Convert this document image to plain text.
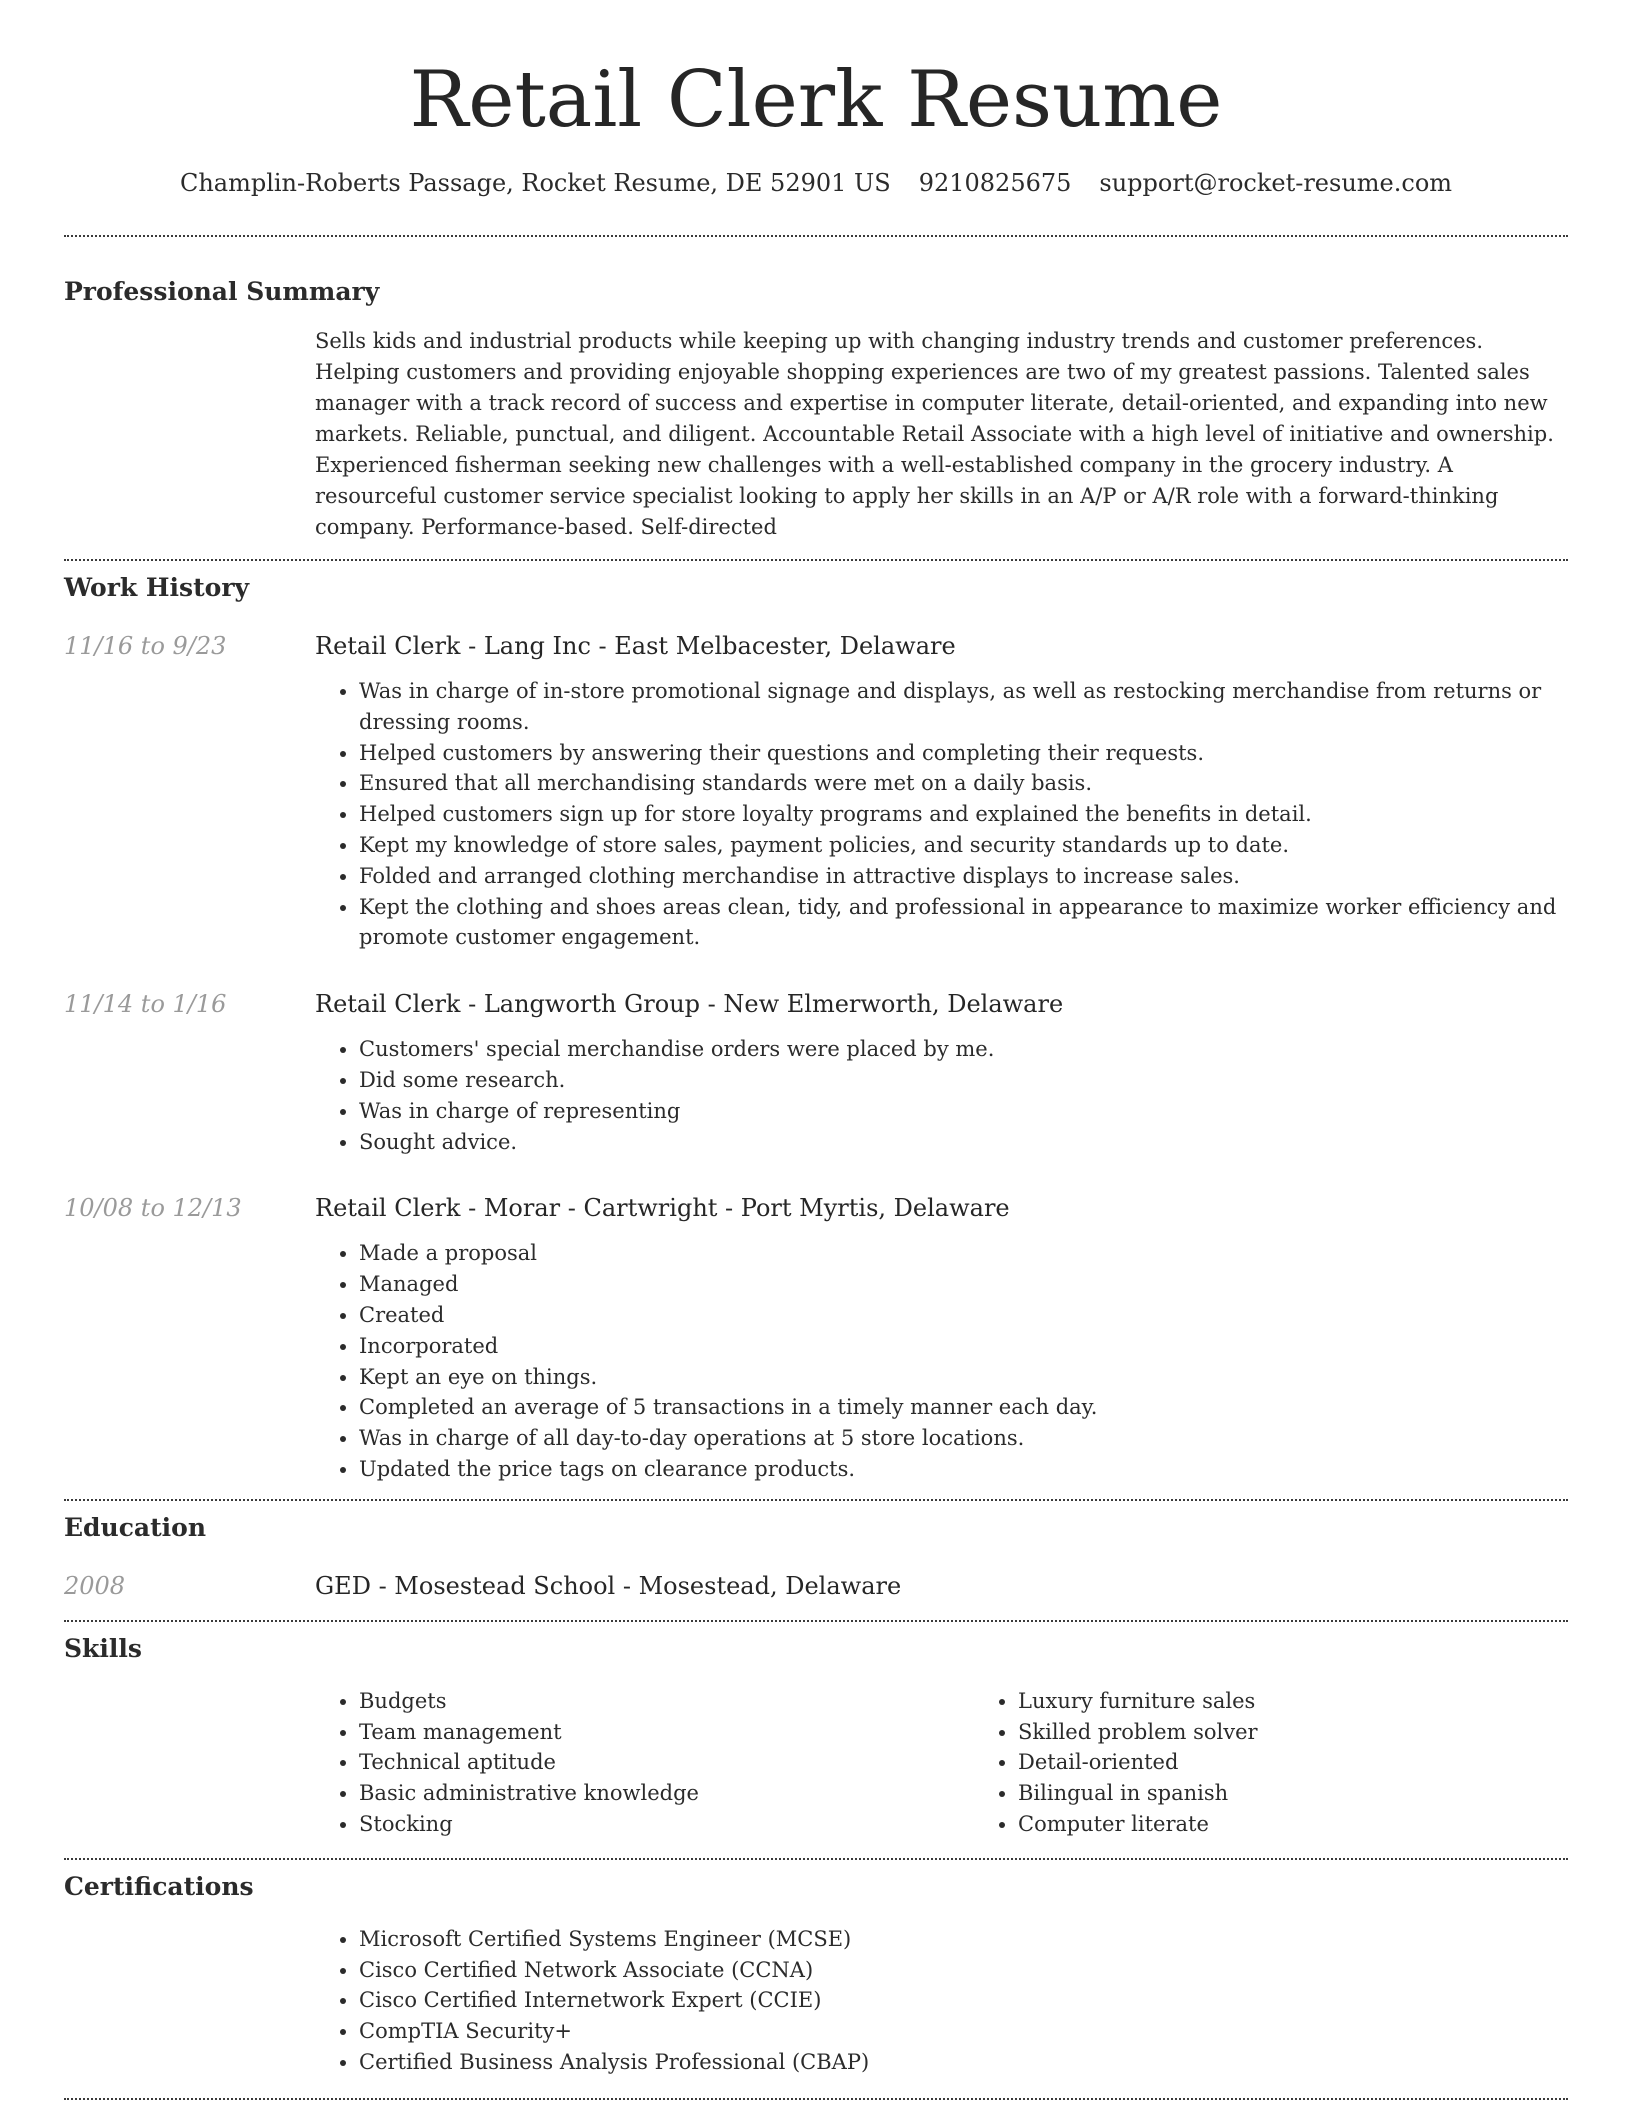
Retail Clerk Resume
Champlin-Roberts Passage, Rocket Resume, DE 52901 US 9210825675 support@rocket-resume.com
Professional Summary
Sells kids and industrial products while keeping up with changing industry trends and customer preferences. Helping customers and providing enjoyable shopping experiences are two of my greatest passions. Talented sales manager with a track record of success and expertise in computer literate, detail-oriented, and expanding into new markets. Reliable, punctual, and diligent. Accountable Retail Associate with a high level of initiative and ownership. Experienced fisherman seeking new challenges with a well-established company in the grocery industry. A resourceful customer service specialist looking to apply her skills in an A/P or A/R role with a forward-thinking company. Performance-based. Self-directed
Work History
11/16 to 9/23	Retail Clerk - Lang Inc - East Melbacester, Delaware
• Was in charge of in-store promotional signage and displays, as well as restocking merchandise from returns or dressing rooms.
• Helped customers by answering their questions and completing their requests.
• Ensured that all merchandising standards were met on a daily basis.
• Helped customers sign up for store loyalty programs and explained the benefits in detail.
• Kept my knowledge of store sales, payment policies, and security standards up to date.
• Folded and arranged clothing merchandise in attractive displays to increase sales.
• Kept the clothing and shoes areas clean, tidy, and professional in appearance to maximize worker efficiency and promote customer engagement.
11/14 to 1/16	Retail Clerk - Langworth Group - New Elmerworth, Delaware
• Customers' special merchandise orders were placed by me.
• Did some research.
• Was in charge of representing
• Sought advice.
10/08 to 12/13	Retail Clerk - Morar - Cartwright - Port Myrtis, Delaware
• Made a proposal
• Managed
• Created
• Incorporated
• Kept an eye on things.
• Completed an average of 5 transactions in a timely manner each day.
• Was in charge of all day-to-day operations at 5 store locations.
• Updated the price tags on clearance products.
Education
2008	GED - Mosestead School - Mosestead, Delaware
Skills
• Budgets
• Team management
• Technical aptitude
• Basic administrative knowledge
• Stocking
• Luxury furniture sales
• Skilled problem solver
• Detail-oriented
• Bilingual in spanish
• Computer literate
Certifications
• Microsoft Certified Systems Engineer (MCSE)
• Cisco Certified Network Associate (CCNA)
• Cisco Certified Internetwork Expert (CCIE)
• CompTIA Security+
• Certified Business Analysis Professional (CBAP)
